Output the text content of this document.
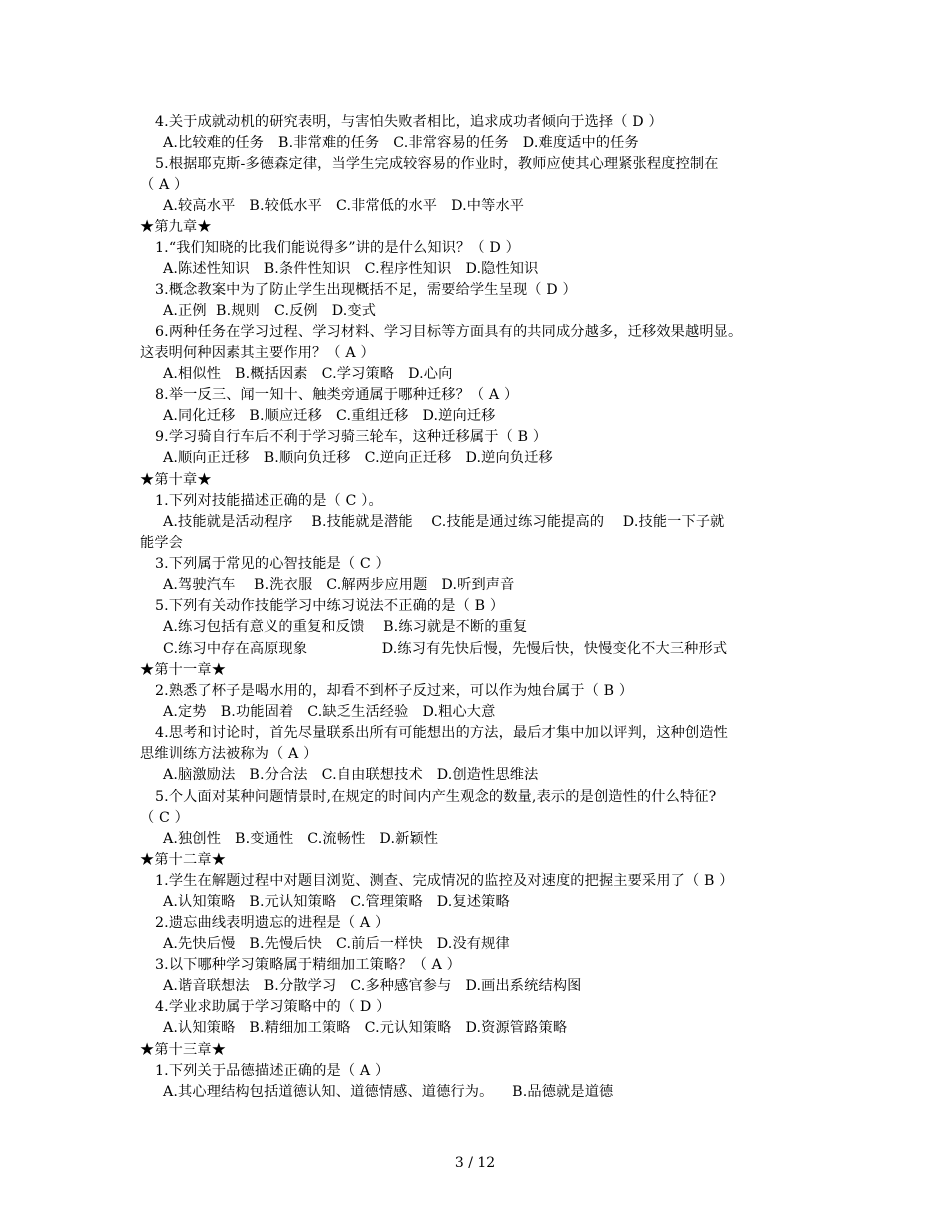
4.关于成就动机的研究表明，与害怕失败者相比，追求成功者倾向于选择（ D ）
A.比较难的任务   B.非常难的任务   C.非常容易的任务   D.难度适中的任务
5.根据耶克斯-多德森定律，当学生完成较容易的作业时，教师应使其心理紧张程度控制在
（ A ）
A.较高水平   B.较低水平   C.非常低的水平   D.中等水平
★第九章★
1.“我们知晓的比我们能说得多”讲的是什么知识？（ D ）
A.陈述性知识   B.条件性知识   C.程序性知识   D.隐性知识
3.概念教案中为了防止学生出现概括不足，需要给学生呈现（ D ）
A.正例  B.规则   C.反例   D.变式
6.两种任务在学习过程、学习材料、学习目标等方面具有的共同成分越多，迁移效果越明显。
这表明何种因素其主要作用？（ A ）
A.相似性   B.概括因素   C.学习策略   D.心向
8.举一反三、闻一知十、触类旁通属于哪种迁移？（ A ）
A.同化迁移   B.顺应迁移   C.重组迁移   D.逆向迁移
9.学习骑自行车后不利于学习骑三轮车，这种迁移属于（ B ）
A.顺向正迁移   B.顺向负迁移   C.逆向正迁移   D.逆向负迁移
★第十章★
1.下列对技能描述正确的是（ C ）。
A.技能就是活动程序    B.技能就是潜能    C.技能是通过练习能提高的    D.技能一下子就
能学会
3.下列属于常见的心智技能是（ C ）
A.驾驶汽车    B.洗衣服   C.解两步应用题   D.听到声音
5.下列有关动作技能学习中练习说法不正确的是（ B ）
A.练习包括有意义的重复和反馈    B.练习就是不断的重复
C.练习中存在高原现象                D.练习有先快后慢，先慢后快，快慢变化不大三种形式
★第十一章★
2.熟悉了杯子是喝水用的，却看不到杯子反过来，可以作为烛台属于（ B ）
A.定势   B.功能固着   C.缺乏生活经验   D.粗心大意
4.思考和讨论时，首先尽量联系出所有可能想出的方法，最后才集中加以评判，这种创造性
思维训练方法被称为（ A ）
A.脑激励法   B.分合法   C.自由联想技术   D.创造性思维法
5.个人面对某种问题情景时,在规定的时间内产生观念的数量,表示的是创造性的什么特征?
（ C ）
A.独创性   B.变通性   C.流畅性   D.新颖性
★第十二章★
1.学生在解题过程中对题目浏览、测查、完成情况的监控及对速度的把握主要采用了（ B ）
A.认知策略   B.元认知策略   C.管理策略   D.复述策略
2.遗忘曲线表明遗忘的进程是（ A ）
A.先快后慢   B.先慢后快   C.前后一样快   D.没有规律
3.以下哪种学习策略属于精细加工策略？（ A ）
A.谐音联想法   B.分散学习   C.多种感官参与   D.画出系统结构图
4.学业求助属于学习策略中的（ D ）
A.认知策略   B.精细加工策略   C.元认知策略   D.资源管路策略
★第十三章★
1.下列关于品德描述正确的是（ A ）
A.其心理结构包括道德认知、道德情感、道德行为。    B.品德就是道德
3 / 12
